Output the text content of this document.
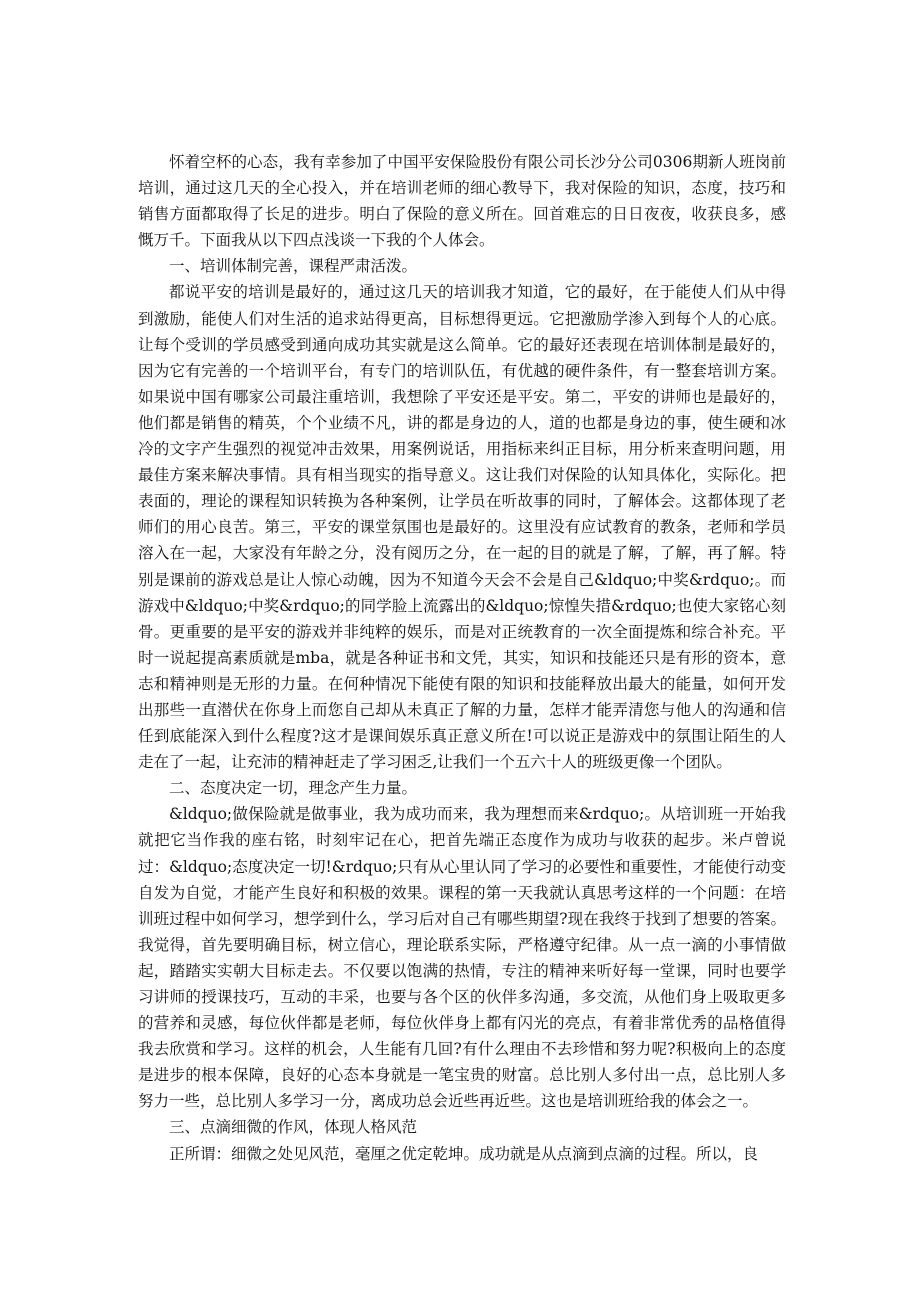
怀着空杯的心态，我有幸参加了中国平安保险股份有限公司长沙分公司0306期新人班岗前培训，通过这几天的全心投入，并在培训老师的细心教导下，我对保险的知识，态度，技巧和销售方面都取得了长足的进步。明白了保险的意义所在。回首难忘的日日夜夜，收获良多，感慨万千。下面我从以下四点浅谈一下我的个人体会。

一、培训体制完善，课程严肃活泼。

都说平安的培训是最好的，通过这几天的培训我才知道，它的最好，在于能使人们从中得到激励，能使人们对生活的追求站得更高，目标想得更远。它把激励学渗入到每个人的心底。让每个受训的学员感受到通向成功其实就是这么简单。它的最好还表现在培训体制是最好的，因为它有完善的一个培训平台，有专门的培训队伍，有优越的硬件条件，有一整套培训方案。如果说中国有哪家公司最注重培训，我想除了平安还是平安。第二，平安的讲师也是最好的，他们都是销售的精英，个个业绩不凡，讲的都是身边的人，道的也都是身边的事，使生硬和冰冷的文字产生强烈的视觉冲击效果，用案例说话，用指标来纠正目标，用分析来查明问题，用最佳方案来解决事情。具有相当现实的指导意义。这让我们对保险的认知具体化，实际化。把表面的，理论的课程知识转换为各种案例，让学员在听故事的同时，了解体会。这都体现了老师们的用心良苦。第三，平安的课堂氛围也是最好的。这里没有应试教育的教条，老师和学员溶入在一起，大家没有年龄之分，没有阅历之分，在一起的目的就是了解，了解，再了解。特别是课前的游戏总是让人惊心动魄，因为不知道今天会不会是自己&ldquo;中奖&rdquo;。而游戏中&ldquo;中奖&rdquo;的同学脸上流露出的&ldquo;惊惶失措&rdquo;也使大家铭心刻骨。更重要的是平安的游戏并非纯粹的娱乐，而是对正统教育的一次全面提炼和综合补充。平时一说起提高素质就是mba，就是各种证书和文凭，其实，知识和技能还只是有形的资本，意志和精神则是无形的力量。在何种情况下能使有限的知识和技能释放出最大的能量，如何开发出那些一直潜伏在你身上而您自己却从未真正了解的力量，怎样才能弄清您与他人的沟通和信任到底能深入到什么程度?这才是课间娱乐真正意义所在!可以说正是游戏中的氛围让陌生的人走在了一起，让充沛的精神赶走了学习困乏,让我们一个五六十人的班级更像一个团队。

二、态度决定一切，理念产生力量。

&ldquo;做保险就是做事业，我为成功而来，我为理想而来&rdquo;。从培训班一开始我就把它当作我的座右铭，时刻牢记在心，把首先端正态度作为成功与收获的起步。米卢曾说过：&ldquo;态度决定一切!&rdquo;只有从心里认同了学习的必要性和重要性，才能使行动变自发为自觉，才能产生良好和积极的效果。课程的第一天我就认真思考这样的一个问题：在培训班过程中如何学习，想学到什么，学习后对自己有哪些期望?现在我终于找到了想要的答案。我觉得，首先要明确目标，树立信心，理论联系实际，严格遵守纪律。从一点一滴的小事情做起，踏踏实实朝大目标走去。不仅要以饱满的热情，专注的精神来听好每一堂课，同时也要学习讲师的授课技巧，互动的丰采，也要与各个区的伙伴多沟通，多交流，从他们身上吸取更多的营养和灵感，每位伙伴都是老师，每位伙伴身上都有闪光的亮点，有着非常优秀的品格值得我去欣赏和学习。这样的机会，人生能有几回?有什么理由不去珍惜和努力呢?积极向上的态度是进步的根本保障，良好的心态本身就是一笔宝贵的财富。总比别人多付出一点，总比别人多努力一些，总比别人多学习一分，离成功总会近些再近些。这也是培训班给我的体会之一。

三、点滴细微的作风，体现人格风范

正所谓：细微之处见风范，毫厘之优定乾坤。成功就是从点滴到点滴的过程。所以，良
